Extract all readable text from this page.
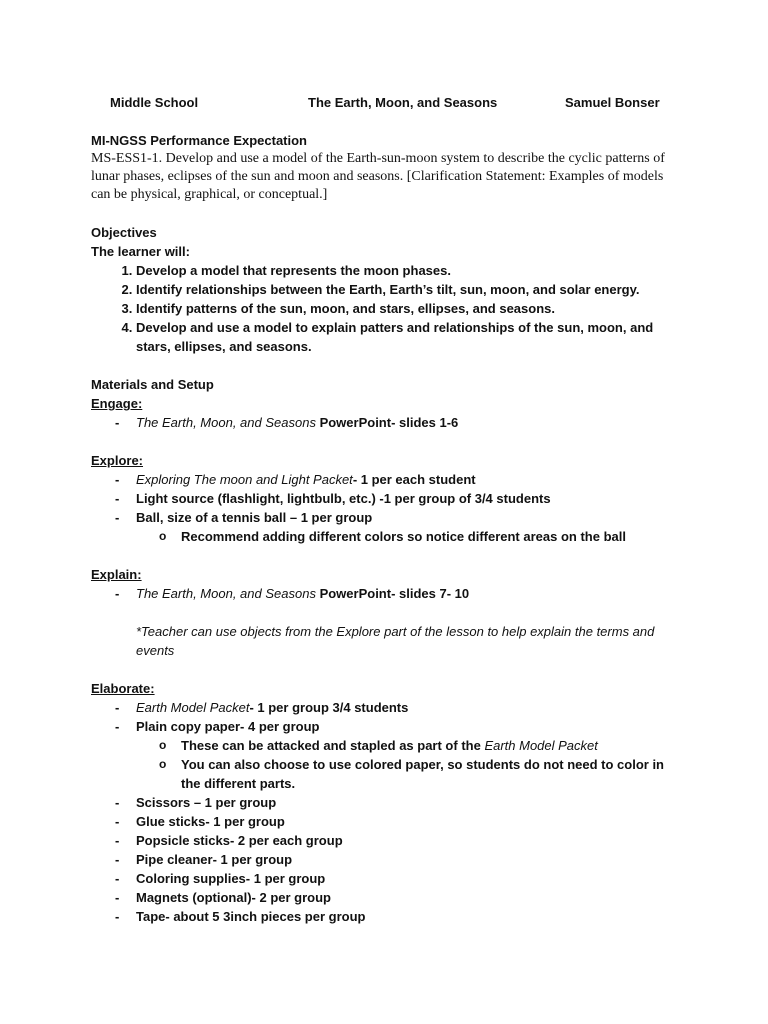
Middle School	The Earth, Moon, and Seasons	Samuel Bonser
MI-NGSS Performance Expectation
MS-ESS1-1. Develop and use a model of the Earth-sun-moon system to describe the cyclic patterns of lunar phases, eclipses of the sun and moon and seasons. [Clarification Statement: Examples of models can be physical, graphical, or conceptual.]
Objectives
The learner will:
1. Develop a model that represents the moon phases.
2. Identify relationships between the Earth, Earth’s tilt, sun, moon, and solar energy.
3. Identify patterns of the sun, moon, and stars, ellipses, and seasons.
4. Develop and use a model to explain patters and relationships of the sun, moon, and stars, ellipses, and seasons.
Materials and Setup
Engage:
- The Earth, Moon, and Seasons PowerPoint- slides 1-6
Explore:
- Exploring The moon and Light Packet- 1 per each student
- Light source (flashlight, lightbulb, etc.) -1 per group of 3/4 students
- Ball, size of a tennis ball – 1 per group
o Recommend adding different colors so notice different areas on the ball
Explain:
- The Earth, Moon, and Seasons PowerPoint- slides 7- 10
*Teacher can use objects from the Explore part of the lesson to help explain the terms and events
Elaborate:
- Earth Model Packet- 1 per group 3/4 students
- Plain copy paper- 4 per group
o These can be attacked and stapled as part of the Earth Model Packet
o You can also choose to use colored paper, so students do not need to color in the different parts.
- Scissors – 1 per group
- Glue sticks- 1 per group
- Popsicle sticks- 2 per each group
- Pipe cleaner- 1 per group
- Coloring supplies- 1 per group
- Magnets (optional)- 2 per group
- Tape- about 5 3inch pieces per group
